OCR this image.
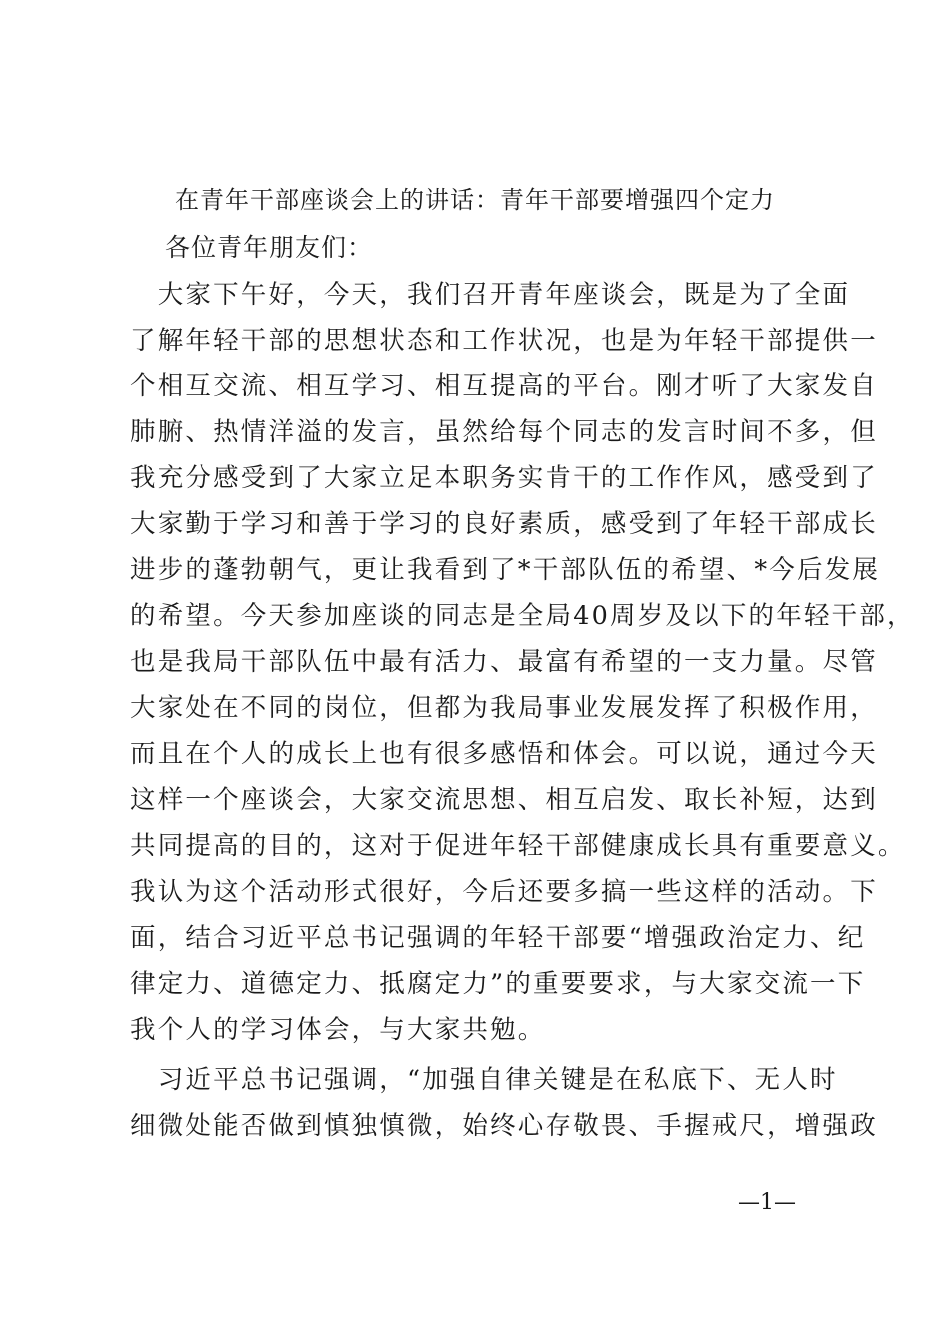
在青年干部座谈会上的讲话：青年干部要增强四个定力
各位青年朋友们：
　大家下午好，今天，我们召开青年座谈会，既是为了全面
了解年轻干部的思想状态和工作状况，也是为年轻干部提供一
个相互交流、相互学习、相互提高的平台。刚才听了大家发自
肺腑、热情洋溢的发言，虽然给每个同志的发言时间不多，但
我充分感受到了大家立足本职务实肯干的工作作风，感受到了
大家勤于学习和善于学习的良好素质，感受到了年轻干部成长
进步的蓬勃朝气，更让我看到了*干部队伍的希望、*今后发展
的希望。今天参加座谈的同志是全局40周岁及以下的年轻干部，
也是我局干部队伍中最有活力、最富有希望的一支力量。尽管
大家处在不同的岗位，但都为我局事业发展发挥了积极作用，
而且在个人的成长上也有很多感悟和体会。可以说，通过今天
这样一个座谈会，大家交流思想、相互启发、取长补短，达到
共同提高的目的，这对于促进年轻干部健康成长具有重要意义。
我认为这个活动形式很好，今后还要多搞一些这样的活动。下
面，结合习近平总书记强调的年轻干部要“增强政治定力、纪
律定力、道德定力、抵腐定力”的重要要求，与大家交流一下
我个人的学习体会，与大家共勉。
　习近平总书记强调，“加强自律关键是在私底下、无人时
细微处能否做到慎独慎微，始终心存敬畏、手握戒尺，增强政
—1—
